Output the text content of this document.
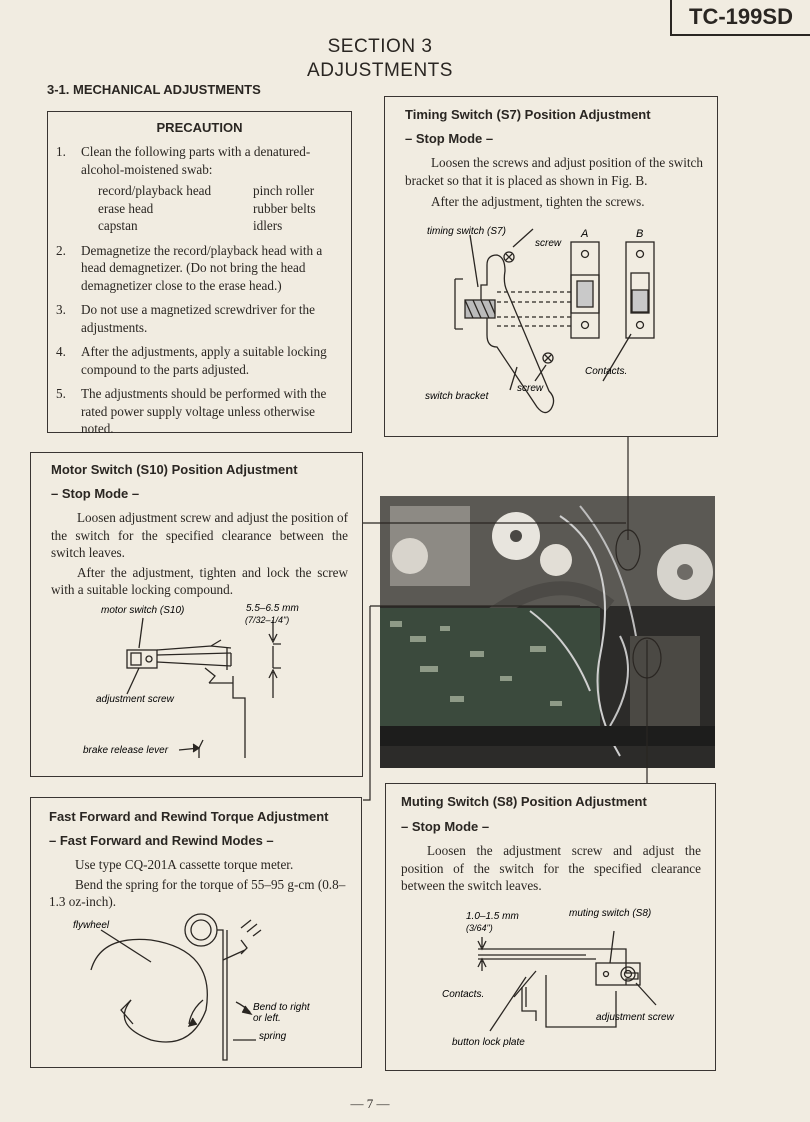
TC-199SD
SECTION 3
ADJUSTMENTS
3-1. MECHANICAL ADJUSTMENTS
PRECAUTION
1. Clean the following parts with a denatured-alcohol-moistened swab:
record/playback head	pinch roller
erase head	rubber belts
capstan	idlers
2. Demagnetize the record/playback head with a head demagnetizer. (Do not bring the head demagnetizer close to the erase head.)
3. Do not use a magnetized screwdriver for the adjustments.
4. After the adjustments, apply a suitable locking compound to the parts adjusted.
5. The adjustments should be performed with the rated power supply voltage unless otherwise noted.
Timing Switch (S7) Position Adjustment
– Stop Mode –
Loosen the screws and adjust position of the switch bracket so that it is placed as shown in Fig. B.
After the adjustment, tighten the screws.
timing switch (S7)
screw
A	B
Contacts.
screw
switch bracket
Motor Switch (S10) Position Adjustment
– Stop Mode –
Loosen adjustment screw and adjust the position of the switch for the specified clearance between the switch leaves.
After the adjustment, tighten and lock the screw with a suitable locking compound.
motor switch (S10)	5.5–6.5 mm
(7/32–1/4")
adjustment screw
brake release lever
Fast Forward and Rewind Torque Adjustment
– Fast Forward and Rewind Modes –
Use type CQ-201A cassette torque meter.
Bend the spring for the torque of 55–95 g-cm (0.8–1.3 oz-inch).
flywheel
Bend to right
or left.
spring
Muting Switch (S8) Position Adjustment
– Stop Mode –
Loosen the adjustment screw and adjust the position of the switch for the specified clearance between the switch leaves.
1.0–1.5 mm
(3/64")
muting switch (S8)
Contacts.
adjustment screw
button lock plate
— 7 —
